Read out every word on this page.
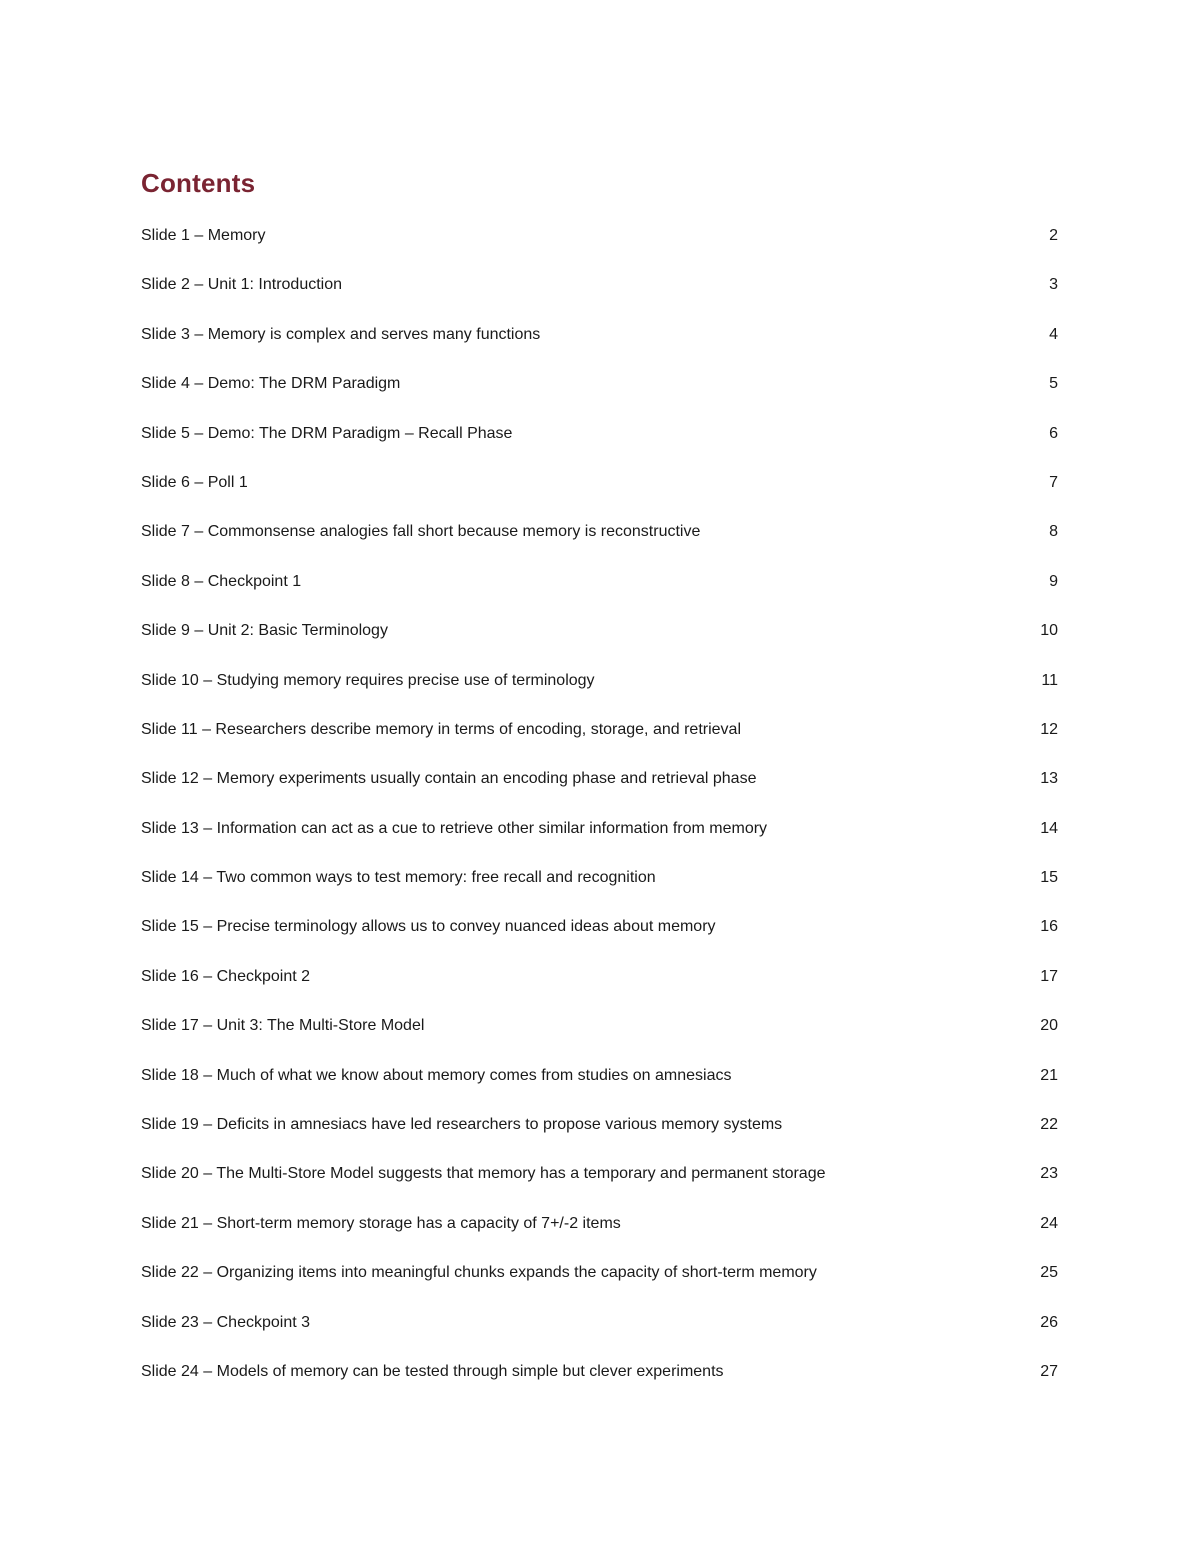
Contents
Slide 1 – Memory	2
Slide 2 – Unit 1: Introduction	3
Slide 3 – Memory is complex and serves many functions	4
Slide 4 – Demo: The DRM Paradigm	5
Slide 5 – Demo: The DRM Paradigm – Recall Phase	6
Slide 6 – Poll 1	7
Slide 7 – Commonsense analogies fall short because memory is reconstructive	8
Slide 8 – Checkpoint 1	9
Slide 9 – Unit 2: Basic Terminology	10
Slide 10 – Studying memory requires precise use of terminology	11
Slide 11 – Researchers describe memory in terms of encoding, storage, and retrieval	12
Slide 12 – Memory experiments usually contain an encoding phase and retrieval phase	13
Slide 13 – Information can act as a cue to retrieve other similar information from memory	14
Slide 14 – Two common ways to test memory: free recall and recognition	15
Slide 15 – Precise terminology allows us to convey nuanced ideas about memory	16
Slide 16 – Checkpoint 2	17
Slide 17 – Unit 3: The Multi-Store Model	20
Slide 18 – Much of what we know about memory comes from studies on amnesiacs	21
Slide 19 – Deficits in amnesiacs have led researchers to propose various memory systems	22
Slide 20 – The Multi-Store Model suggests that memory has a temporary and permanent storage	23
Slide 21 – Short-term memory storage has a capacity of 7+/-2 items	24
Slide 22 – Organizing items into meaningful chunks expands the capacity of short-term memory	25
Slide 23 – Checkpoint 3	26
Slide 24 – Models of memory can be tested through simple but clever experiments	27
